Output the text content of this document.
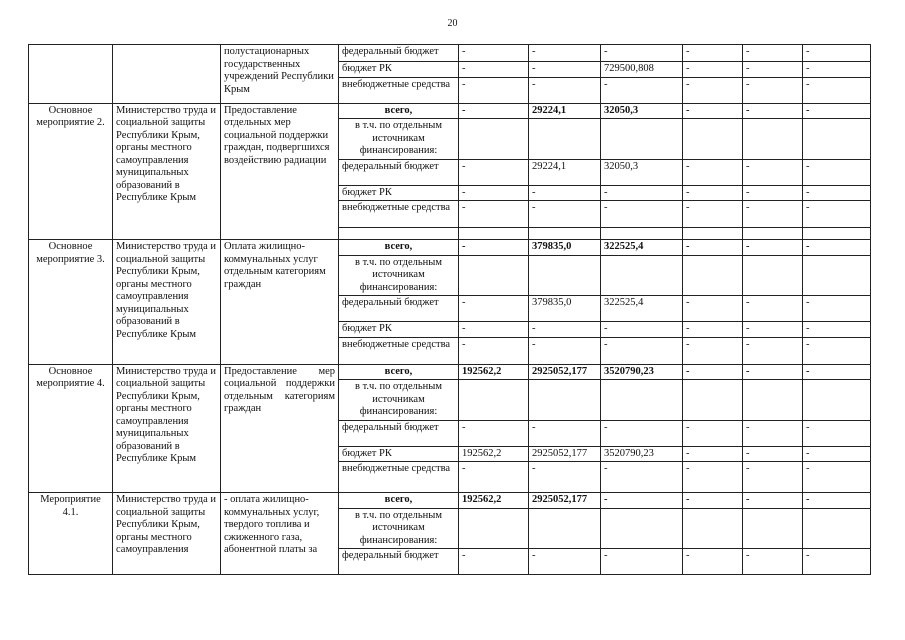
20
		полустационарных государственных учреждений Республики Крым	федеральный бюджет	-	-	-	-	-	-
			бюджет РК	-	-	729500,808	-	-	-
			внебюджетные средства	-	-	-	-	-	-
Основное мероприятие 2.	Министерство труда и социальной защиты Республики Крым, органы местного самоуправления муниципальных образований в Республике Крым	Предоставление отдельных мер социальной поддержки граждан, подвергшихся воздействию радиации	всего,	-	29224,1	32050,3	-	-	-
			в т.ч. по отдельным источникам финансирования:						
			федеральный бюджет	-	29224,1	32050,3	-	-	-
			бюджет РК	-	-	-	-	-	-
			внебюджетные средства	-	-	-	-	-	-

Основное мероприятие 3.	Министерство труда и социальной защиты Республики Крым, органы местного самоуправления муниципальных образований в Республике Крым	Оплата жилищно-коммунальных услуг отдельным категориям граждан	всего,	-	379835,0	322525,4	-	-	-
			в т.ч. по отдельным источникам финансирования:						
			федеральный бюджет	-	379835,0	322525,4	-	-	-
			бюджет РК	-	-	-	-	-	-
			внебюджетные средства	-	-	-	-	-	-
Основное мероприятие 4.	Министерство труда и социальной защиты Республики Крым, органы местного самоуправления муниципальных образований в Республике Крым	Предоставление мер социальной поддержки отдельным категориям граждан	всего,	192562,2	2925052,177	3520790,23	-	-	-
			в т.ч. по отдельным источникам финансирования:						
			федеральный бюджет	-	-	-	-	-	-
			бюджет РК	192562,2	2925052,177	3520790,23	-	-	-
			внебюджетные средства	-	-	-	-	-	-
Мероприятие 4.1.	Министерство труда и социальной защиты Республики Крым, органы местного самоуправления	- оплата жилищно-коммунальных услуг, твердого топлива и сжиженного газа, абонентной платы за	всего,	192562,2	2925052,177	-	-	-	-
			в т.ч. по отдельным источникам финансирования:						
			федеральный бюджет	-	-	-	-	-	-
